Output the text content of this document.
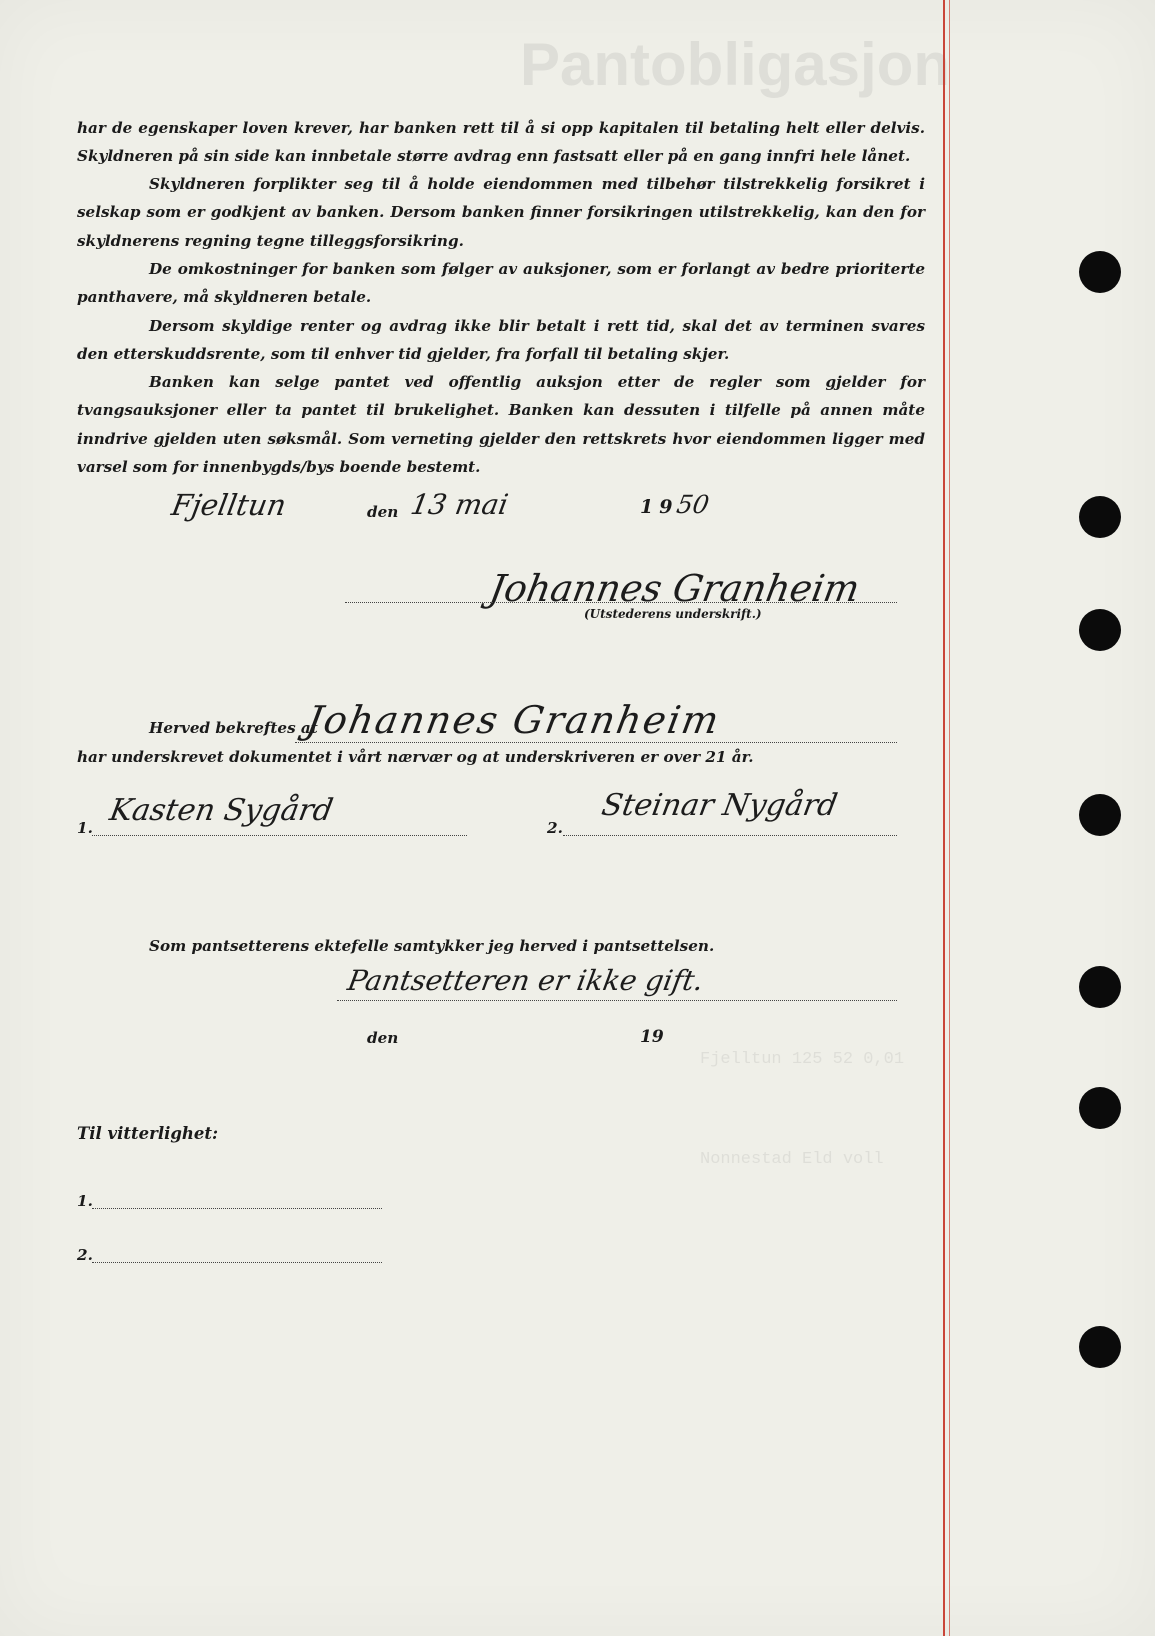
Pantobligasjon
Fjelltun 125 52 0,01
Nonnestad Eld voll

har de egenskaper loven krever, har banken rett til å si opp kapitalen til betaling helt eller delvis. Skyldneren på sin side kan innbetale større avdrag enn fastsatt eller på en gang innfri hele lånet.

Skyldneren forplikter seg til å holde eiendommen med tilbehør tilstrekkelig forsikret i selskap som er godkjent av banken. Dersom banken finner forsikringen utilstrekkelig, kan den for skyldnerens regning tegne tilleggsforsikring.

De omkostninger for banken som følger av auksjoner, som er forlangt av bedre prioriterte panthavere, må skyldneren betale.

Dersom skyldige renter og avdrag ikke blir betalt i rett tid, skal det av terminen svares den etterskuddsrente, som til enhver tid gjelder, fra forfall til betaling skjer.

Banken kan selge pantet ved offentlig auksjon etter de regler som gjelder for tvangsauksjoner eller ta pantet til brukelighet. Banken kan dessuten i tilfelle på annen måte inndrive gjelden uten søksmål. Som verneting gjelder den rettskrets hvor eiendommen ligger med varsel som for innenbygds/bys boende bestemt.

Fjelltun	den 13 mai	19
50
Johannes Granheim
(Utstederens underskrift.)
Herved bekreftes at
Johannes Granheim
har underskrevet dokumentet i vårt nærvær og at underskriveren er over 21 år.
1. Kasten Sygård	2.
Steinar Nygård
Som pantsetterens ektefelle samtykker jeg herved i pantsettelsen.
Pantsetteren er ikke gift.
den	19
Til vitterlighet:
1.
2.
